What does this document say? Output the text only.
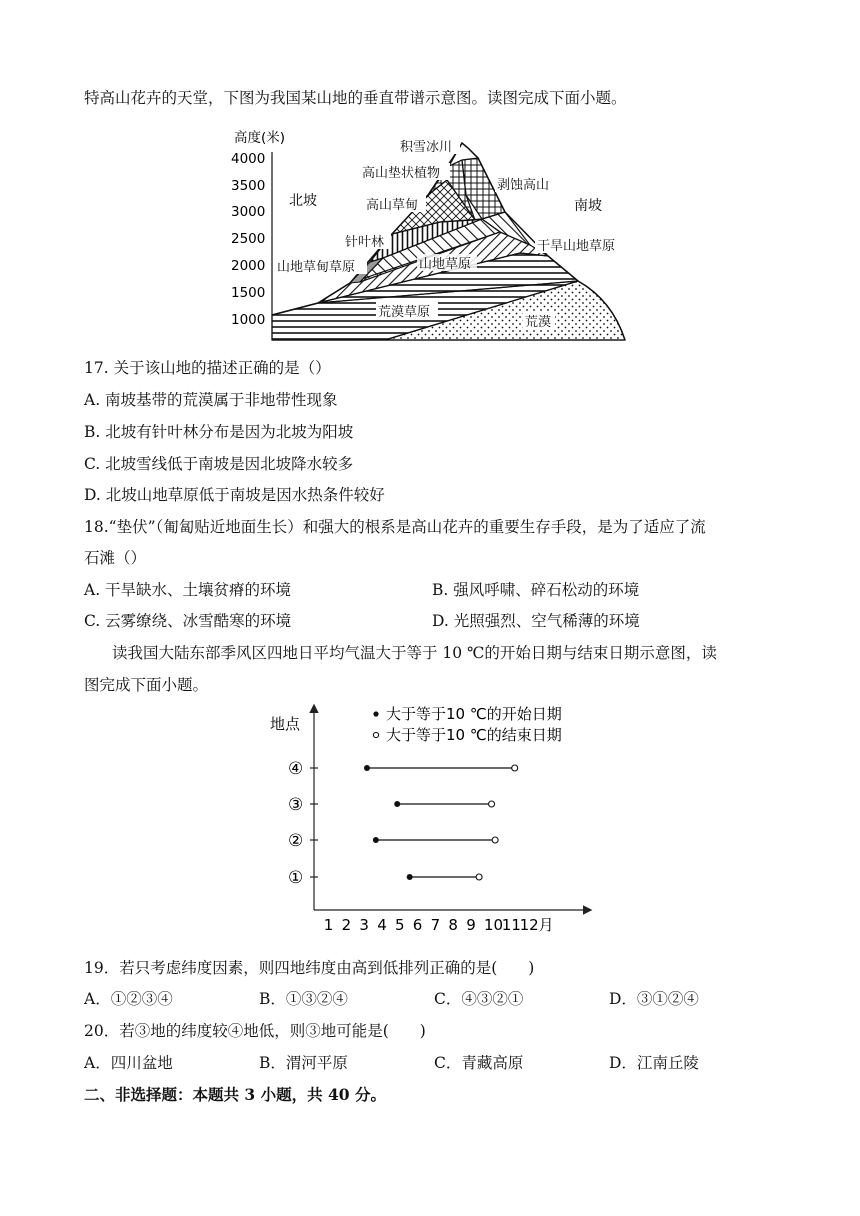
特高山花卉的天堂，下图为我国某山地的垂直带谱示意图。读图完成下面小题。
高度(米)
4000
3500
3000
2500
2000
1500
1000
北坡	南坡
积雪冰川
高山垫状植物
剥蚀高山
高山草甸
针叶林	干旱山地草原
山地草甸草原	山地草原
荒漠草原
荒漠
17. 关于该山地的描述正确的是（）
A. 南坡基带的荒漠属于非地带性现象
B. 北坡有针叶林分布是因为北坡为阳坡
C. 北坡雪线低于南坡是因北坡降水较多
D. 北坡山地草原低于南坡是因水热条件较好
18.“垫伏”（匍匐贴近地面生长）和强大的根系是高山花卉的重要生存手段，是为了适应了流
石滩（）
A. 干旱缺水、土壤贫瘠的环境	B. 强风呼啸、碎石松动的环境
C. 云雾缭绕、冰雪酷寒的环境	D. 光照强烈、空气稀薄的环境
读我国大陆东部季风区四地日平均气温大于等于 10 ℃的开始日期与结束日期示意图，读
图完成下面小题。
地点
大于等于10 ℃的开始日期
大于等于10 ℃的结束日期
1 2 3 4 5 6 7 8 9 10
11
12月
④
③
②
①
19．若只考虑纬度因素，则四地纬度由高到低排列正确的是(　　)
A．①②③④	B．①③②④	C．④③②①	D．③①②④
20．若③地的纬度较④地低，则③地可能是(　　)
A．四川盆地	B．渭河平原	C．青藏高原	D．江南丘陵
二、非选择题：本题共 3 小题，共 40 分。
